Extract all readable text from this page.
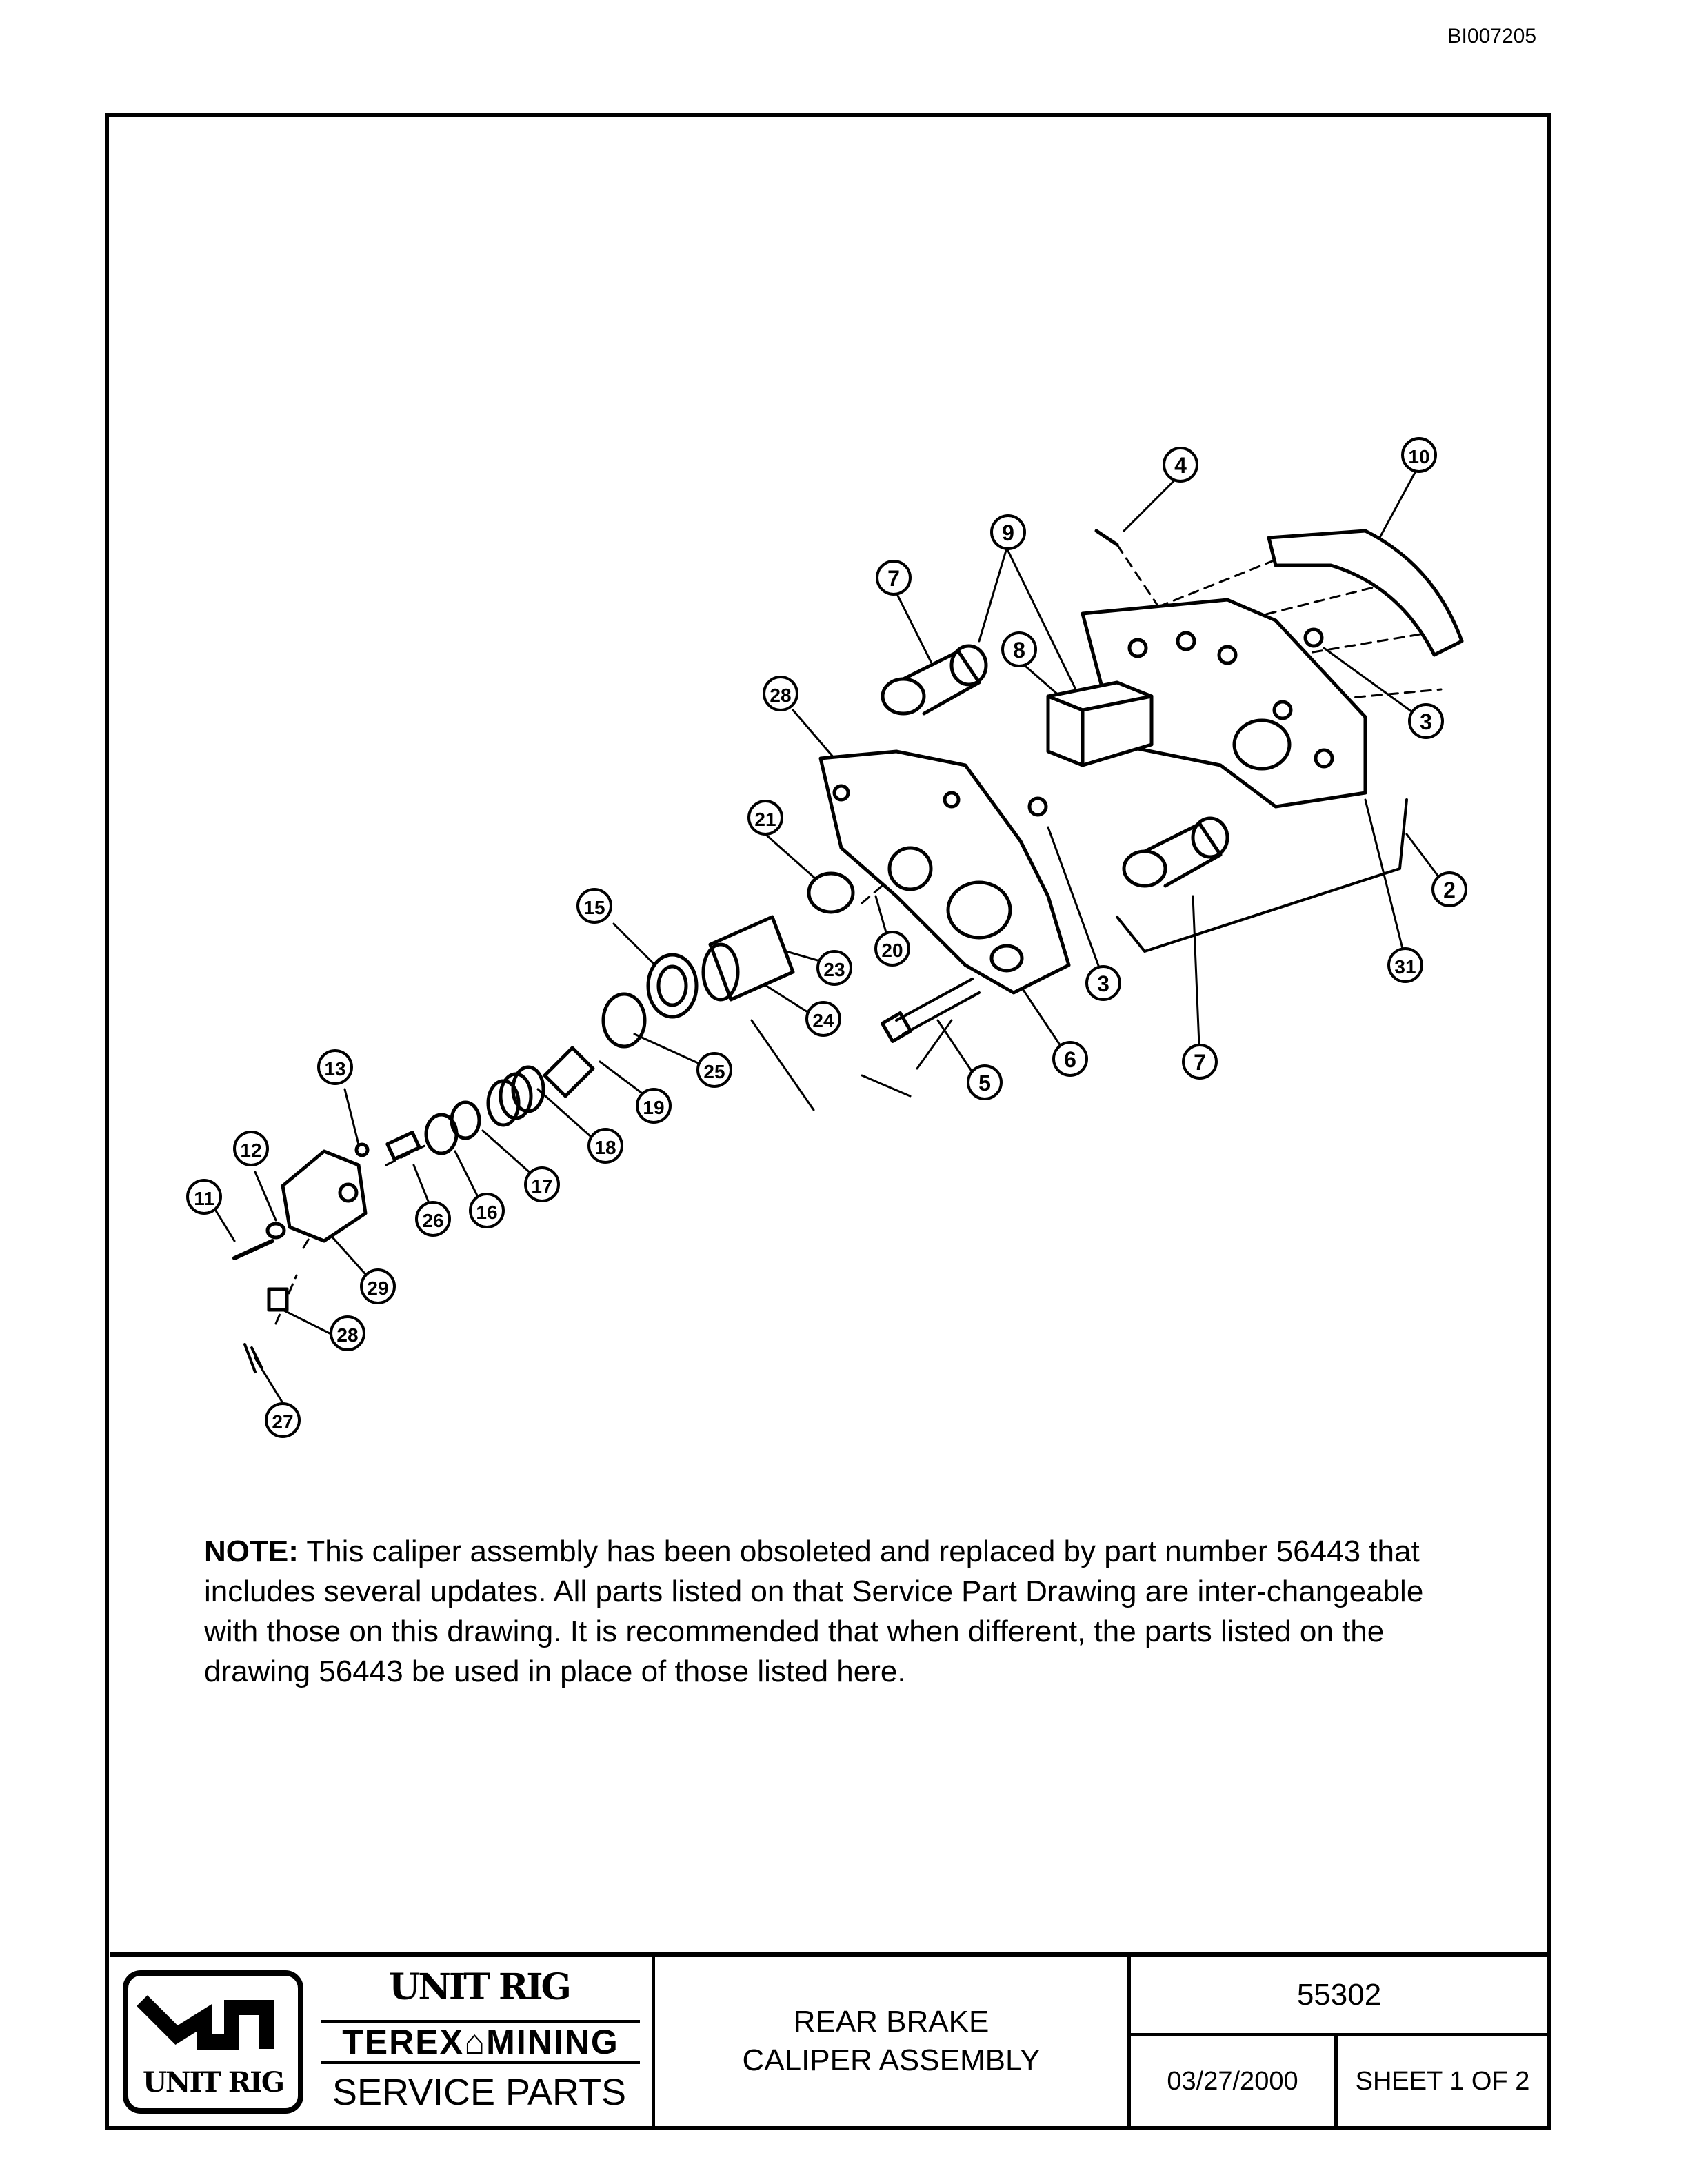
BI007205
4	10
9
7
8
28
3
21
2
15
20
31
23
3
24
6	7
25	5
13
19
18
12
17
11
16
26
29
28
27
NOTE: This caliper assembly has been obsoleted and replaced by part number 56443 that includes several updates. All parts listed on that Service Part Drawing are inter-changeable with those on this drawing. It is recommended that when different, the parts listed on the drawing 56443 be used in place of those listed here.
UNIT RIG
UNIT RIG
TEREX⌂MINING
SERVICE PARTS
REAR BRAKE
CALIPER ASSEMBLY
55302
03/27/2000	SHEET 1 OF 2
